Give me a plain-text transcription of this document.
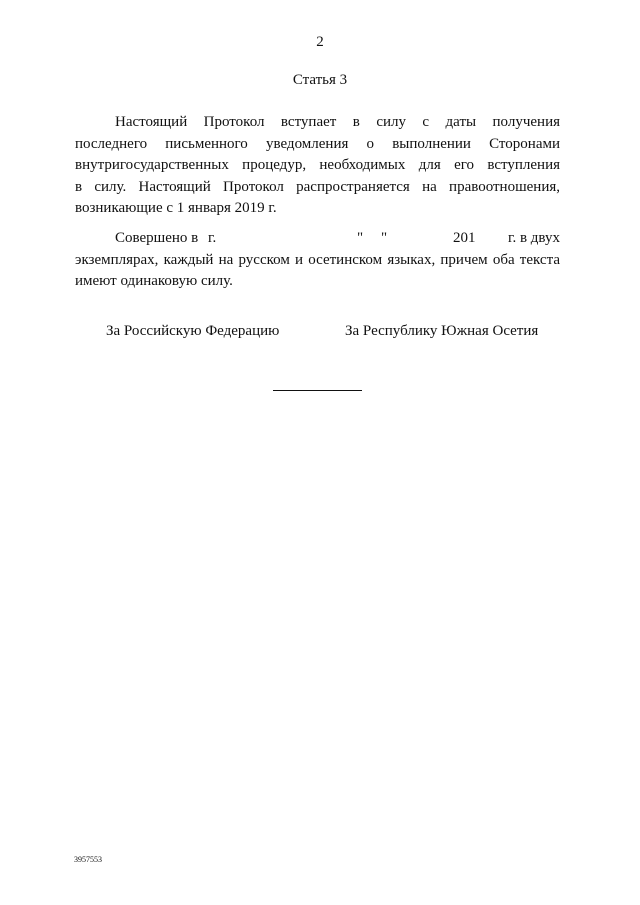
2
Статья 3
Настоящий Протокол вступает в силу с даты получения
последнего письменного уведомления о выполнении Сторонами
внутригосударственных процедур, необходимых для его вступления
в силу. Настоящий Протокол распространяется на правоотношения,
возникающие с 1 января 2019 г.
Совершено в г.	" "	201 г. в двух
экземплярах, каждый на русском и осетинском языках, причем оба текста
имеют одинаковую силу.
За Российскую Федерацию	За Республику Южная Осетия
3957553
